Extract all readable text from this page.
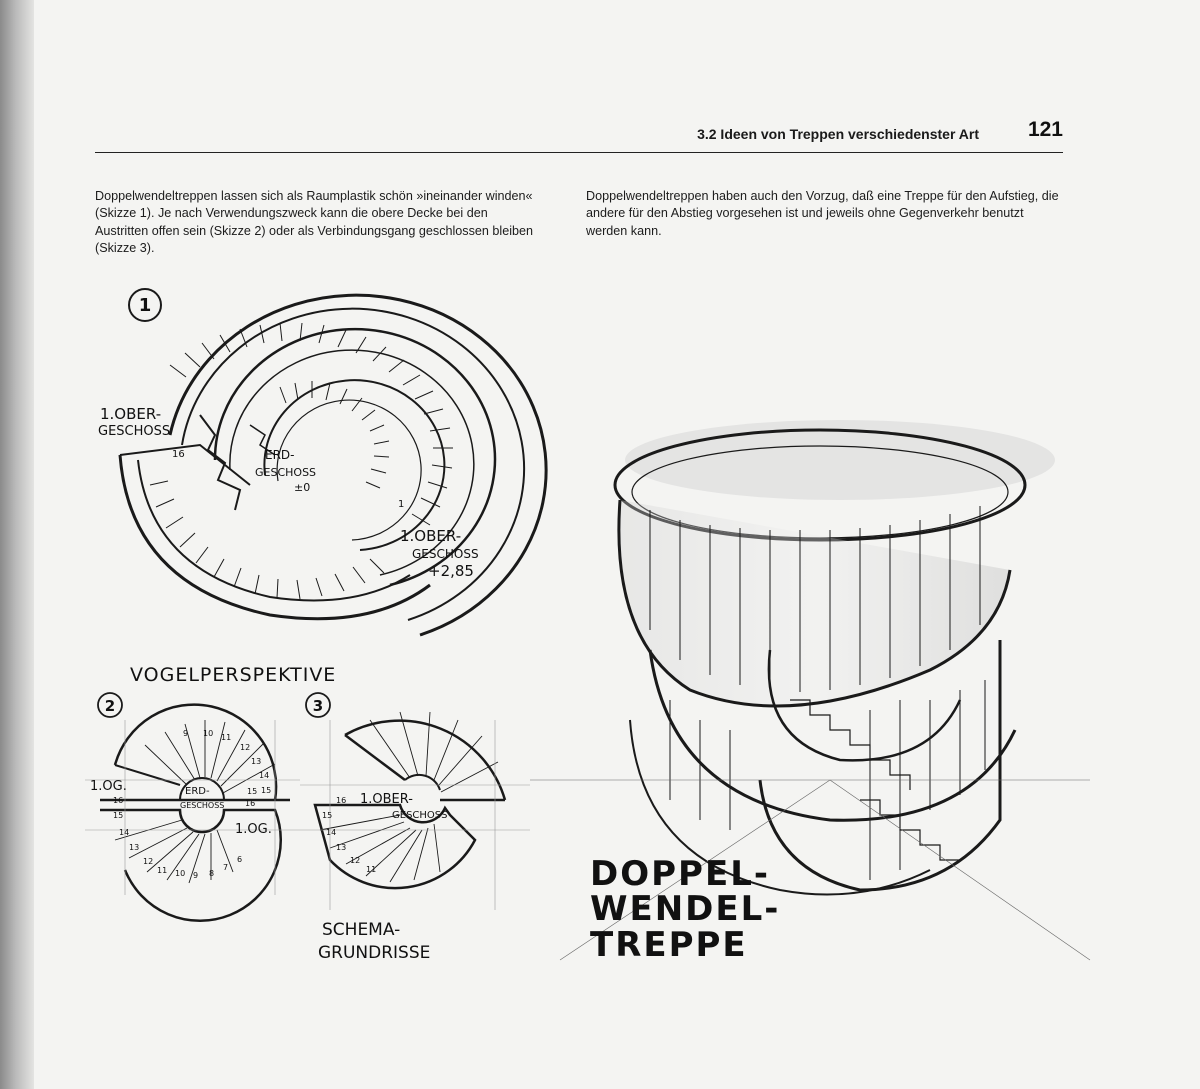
3.2 Ideen von Treppen verschiedenster Art 121
Doppelwendeltreppen lassen sich als Raumplastik schön »ineinander winden« (Skizze 1). Je nach Verwendungszweck kann die obere Decke bei den Austritten offen sein (Skizze 2) oder als Verbindungsgang geschlossen bleiben (Skizze 3).
Doppelwendeltreppen haben auch den Vorzug, daß eine Treppe für den Aufstieg, die andere für den Abstieg vorgesehen ist und jeweils ohne Gegenverkehr benutzt werden kann.
1
1.OBER-
GESCHOSS
ERD-
GESCHOSS
±0
1.OBER-
GESCHOSS
+2,85
16
1
VOGELPERSPEKTIVE
2
1.OG.
1.OG.
ERD-
GESCHOSS
9 10 11
12
13
14
15
16
15
14
13
12
11 10 9 8
7
6
16
15
3
1.OBER-
GESCHOSS
16
15
14
13
12
11
SCHEMA-
GRUNDRISSE
DOPPEL-
WENDEL-
TREPPE
